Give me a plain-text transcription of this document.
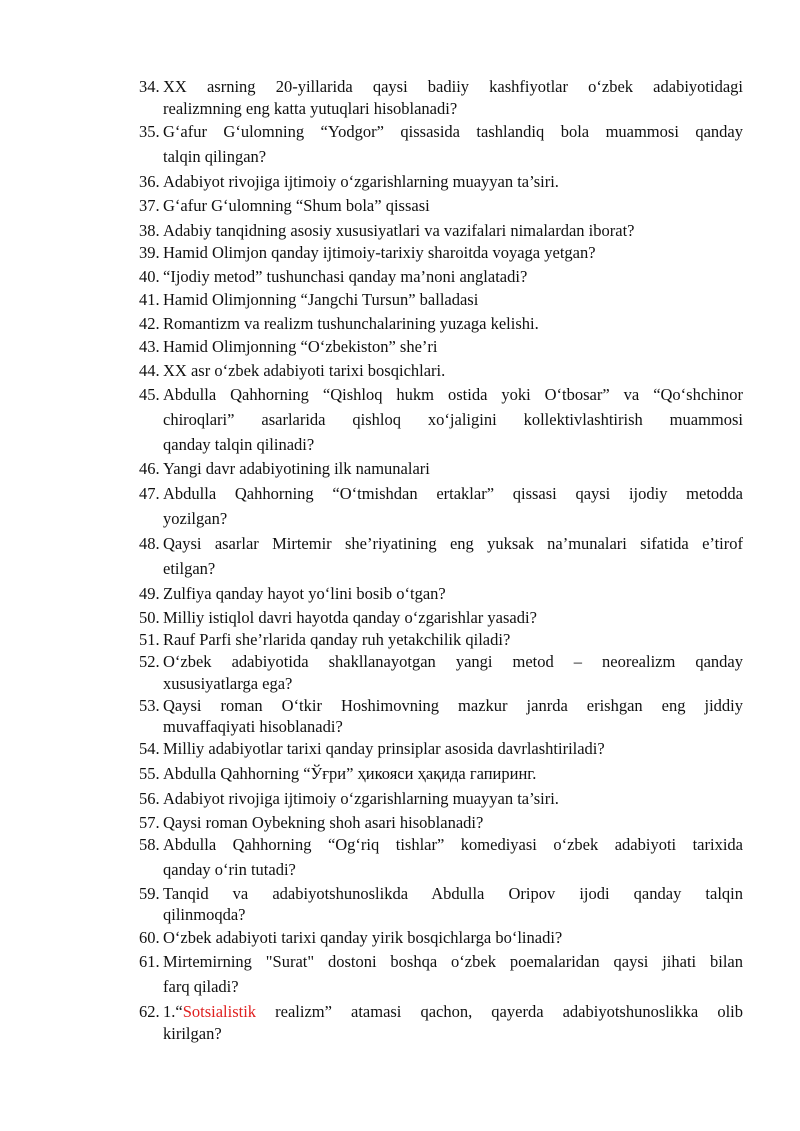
34. XX asrning 20-yillarida qaysi badiiy kashfiyotlar o‘zbek adabiyotidagi
realizmning eng katta yutuqlari hisoblanadi?
35. G‘afur G‘ulomning “Yodgor” qissasida tashlandiq bola muammosi qanday
talqin qilingan?
36. Adabiyot rivojiga ijtimoiy o‘zgarishlarning muayyan ta’siri.
37. G‘afur G‘ulomning “Shum bola” qissasi
38. Adabiy tanqidning asosiy xususiyatlari va vazifalari nimalardan iborat?
39. Hamid Olimjon qanday ijtimoiy-tarixiy sharoitda voyaga yetgan?
40. “Ijodiy metod” tushunchasi qanday ma’noni anglatadi?
41. Hamid Olimjonning “Jangchi Tursun” balladasi
42. Romantizm va realizm tushunchalarining yuzaga kelishi.
43. Hamid Olimjonning “O‘zbekiston” she’ri
44. XX asr o‘zbek adabiyoti tarixi bosqichlari.
45. Abdulla Qahhorning “Qishloq hukm ostida yoki O‘tbosar” va “Qo‘shchinor
chiroqlari” asarlarida qishloq xo‘jaligini kollektivlashtirish muammosi
qanday talqin qilinadi?
46. Yangi davr adabiyotining ilk namunalari
47. Abdulla Qahhorning “O‘tmishdan ertaklar” qissasi qaysi ijodiy metodda
yozilgan?
48. Qaysi asarlar Mirtemir she’riyatining eng yuksak na’munalari sifatida e’tirof
etilgan?
49. Zulfiya qanday hayot yo‘lini bosib o‘tgan?
50. Milliy istiqlol davri hayotda qanday o‘zgarishlar yasadi?
51. Rauf Parfi she’rlarida qanday ruh yetakchilik qiladi?
52. O‘zbek adabiyotida shakllanayotgan yangi metod – neorealizm qanday
xususiyatlarga ega?
53. Qaysi roman O‘tkir Hoshimovning mazkur janrda erishgan eng jiddiy
muvaffaqiyati hisoblanadi?
54. Milliy adabiyotlar tarixi qanday prinsiplar asosida davrlashtiriladi?
55. Abdulla Qahhorning “Ўғри” ҳикояси ҳақида гапиринг.
56. Adabiyot rivojiga ijtimoiy o‘zgarishlarning muayyan ta’siri.
57. Qaysi roman Oybekning shoh asari hisoblanadi?
58. Abdulla Qahhorning “Og‘riq tishlar” komediyasi o‘zbek adabiyoti tarixida
qanday o‘rin tutadi?
59. Tanqid va adabiyotshunoslikda Abdulla Oripov ijodi qanday talqin
qilinmoqda?
60. O‘zbek adabiyoti tarixi qanday yirik bosqichlarga bo‘linadi?
61. Mirtemirning "Surat" dostoni boshqa o‘zbek poemalaridan qaysi jihati bilan
farq qiladi?
62. 1.“Sotsialistik realizm” atamasi qachon, qayerda adabiyotshunoslikka olib
kirilgan?
